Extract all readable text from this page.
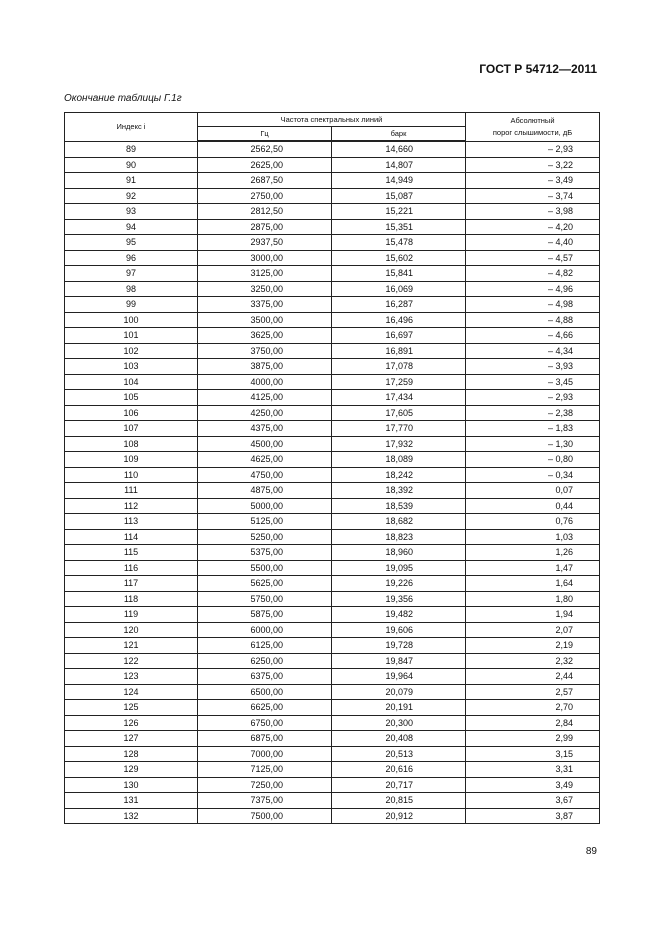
ГОСТ Р 54712—2011
Окончание таблицы Г.1г
Индекс i	Частота спектральных линий		Абсолютный
порог слышимости, дБ
	Гц	барк	
89	2562,50	14,660	– 2,93
90	2625,00	14,807	– 3,22
91	2687,50	14,949	– 3,49
92	2750,00	15,087	– 3,74
93	2812,50	15,221	– 3,98
94	2875,00	15,351	– 4,20
95	2937,50	15,478	– 4,40
96	3000,00	15,602	– 4,57
97	3125,00	15,841	– 4,82
98	3250,00	16,069	– 4,96
99	3375,00	16,287	– 4,98
100	3500,00	16,496	– 4,88
101	3625,00	16,697	– 4,66
102	3750,00	16,891	– 4,34
103	3875,00	17,078	– 3,93
104	4000,00	17,259	– 3,45
105	4125,00	17,434	– 2,93
106	4250,00	17,605	– 2,38
107	4375,00	17,770	– 1,83
108	4500,00	17,932	– 1,30
109	4625,00	18,089	– 0,80
110	4750,00	18,242	– 0,34
111	4875,00	18,392	0,07
112	5000,00	18,539	0,44
113	5125,00	18,682	0,76
114	5250,00	18,823	1,03
115	5375,00	18,960	1,26
116	5500,00	19,095	1,47
117	5625,00	19,226	1,64
118	5750,00	19,356	1,80
119	5875,00	19,482	1,94
120	6000,00	19,606	2,07
121	6125,00	19,728	2,19
122	6250,00	19,847	2,32
123	6375,00	19,964	2,44
124	6500,00	20,079	2,57
125	6625,00	20,191	2,70
126	6750,00	20,300	2,84
127	6875,00	20,408	2,99
128	7000,00	20,513	3,15
129	7125,00	20,616	3,31
130	7250,00	20,717	3,49
131	7375,00	20,815	3,67
132	7500,00	20,912	3,87
89
